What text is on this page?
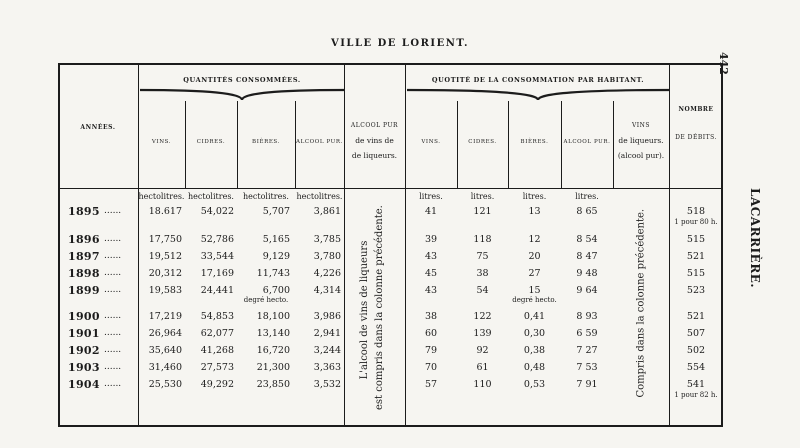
VILLE DE LORIENT.
442
LACARRIÈRE.
ANNÉES.
QUANTITÉS CONSOMMÉES.	QUOTITÉ DE LA CONSOMMATION PAR HABITANT.
VINS.	CIDRES.	BIÈRES.	ALCOOL PUR.
ALCOOL PUR
de vins de
de liqueurs.
VINS.	CIDRES.	BIÈRES.	ALCOOL PUR.
VINS
de liqueurs.
(alcool pur).
NOMBRE
DE DÉBITS.
hectolitres. hectolitres.	hectolitres. hectolitres.	litres.	litres.	litres.	litres.
degré hecto.	degré hecto.
L'alcool de vins de liqueurs est compris dans la colonne précédente.	Compris dans la colonne précédente.
1895 ......	18.617	54,022	5,707	3,861	41	121	13	8 65	518
1 pour 80 h.
1896 ......	17,750	52,786	5,165	3,785	39	118	12	8 54	515
1897 ......	19,512	33,544	9,129	3,780	43	75	20	8 47	521
1898 ......	20,312	17,169	11,743	4,226	45	38	27	9 48	515
1899 ......	19,583	24,441	6,700	4,314	43	54	15	9 64	523
1900 ......	17,219	54,853	18,100	3,986	38	122	0,41	8 93	521
1901 ......	26,964	62,077	13,140	2,941	60	139	0,30	6 59	507
1902 ......	35,640	41,268	16,720	3,244	79	92	0,38	7 27	502
1903 ......	31,460	27,573	21,300	3,363	70	61	0,48	7 53	554
1904 ......	25,530	49,292	23,850	3,532	57	110	0,53	7 91	541
1 pour 82 h.
